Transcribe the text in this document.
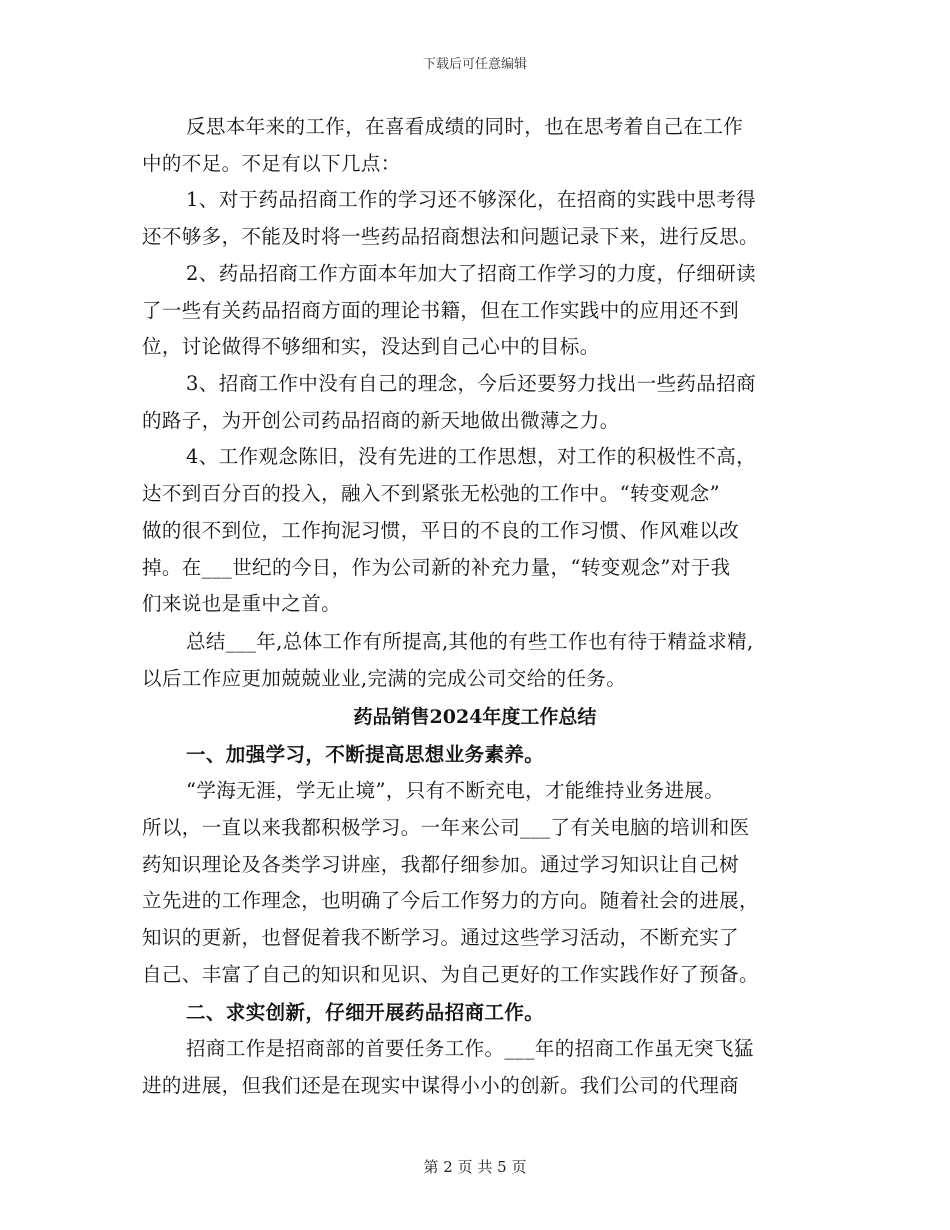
下载后可任意编辑
反思本年来的工作，在喜看成绩的同时，也在思考着自己在工作
中的不足。不足有以下几点：
1、对于药品招商工作的学习还不够深化，在招商的实践中思考得
还不够多，不能及时将一些药品招商想法和问题记录下来，进行反思。
2、药品招商工作方面本年加大了招商工作学习的力度，仔细研读
了一些有关药品招商方面的理论书籍，但在工作实践中的应用还不到
位，讨论做得不够细和实，没达到自己心中的目标。
3、招商工作中没有自己的理念，今后还要努力找出一些药品招商
的路子，为开创公司药品招商的新天地做出微薄之力。
4、工作观念陈旧，没有先进的工作思想，对工作的积极性不高，
达不到百分百的投入，融入不到紧张无松弛的工作中。“转变观念”
做的很不到位，工作拘泥习惯，平日的不良的工作习惯、作风难以改
掉。在___世纪的今日，作为公司新的补充力量，“转变观念”对于我
们来说也是重中之首。
总结___年,总体工作有所提高,其他的有些工作也有待于精益求精,
以后工作应更加兢兢业业,完满的完成公司交给的任务。
药品销售2024年度工作总结
一、加强学习，不断提高思想业务素养。
“学海无涯，学无止境”，只有不断充电，才能维持业务进展。
所以，一直以来我都积极学习。一年来公司___了有关电脑的培训和医
药知识理论及各类学习讲座，我都仔细参加。通过学习知识让自己树
立先进的工作理念，也明确了今后工作努力的方向。随着社会的进展，
知识的更新，也督促着我不断学习。通过这些学习活动，不断充实了
自己、丰富了自己的知识和见识、为自己更好的工作实践作好了预备。
二、求实创新，仔细开展药品招商工作。
招商工作是招商部的首要任务工作。___年的招商工作虽无突飞猛
进的进展，但我们还是在现实中谋得小小的创新。我们公司的代理商
第 2 页 共 5 页
